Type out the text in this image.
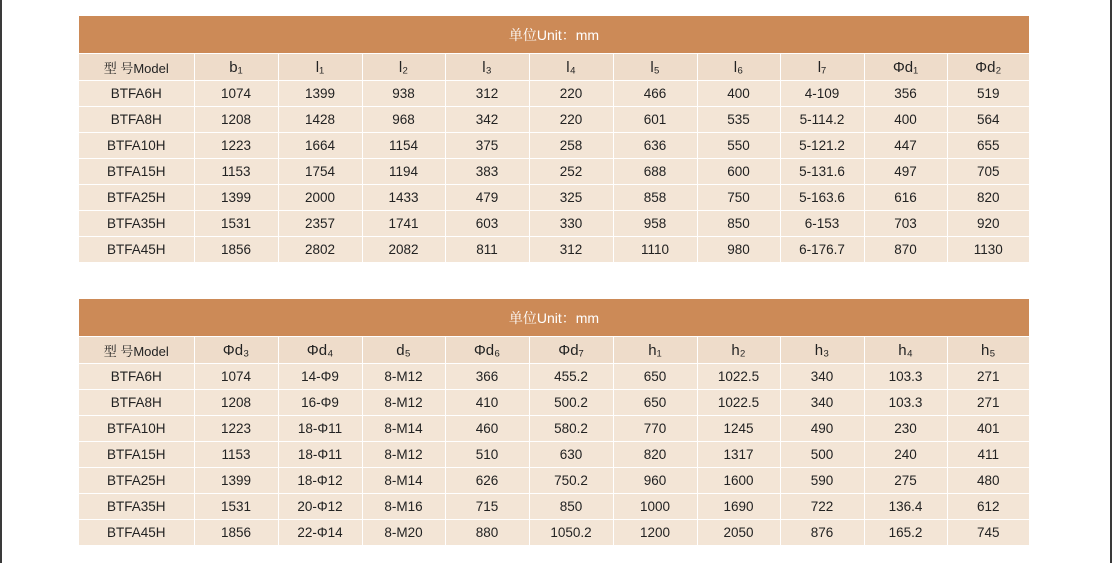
单位Unit：mm										
型 号Model	b₁	l₁	l₂	l₃	l₄	l₅	l₆	l₇	Φd₁	Φd₂
BTFA6H	1074	1399	938	312	220	466	400	4-109	356	519
BTFA8H	1208	1428	968	342	220	601	535	5-114.2	400	564
BTFA10H	1223	1664	1154	375	258	636	550	5-121.2	447	655
BTFA15H	1153	1754	1194	383	252	688	600	5-131.6	497	705
BTFA25H	1399	2000	1433	479	325	858	750	5-163.6	616	820
BTFA35H	1531	2357	1741	603	330	958	850	6-153	703	920
BTFA45H	1856	2802	2082	811	312	1110	980	6-176.7	870	1130
单位Unit：mm										
型 号Model	Φd₃	Φd₄	d₅	Φd₆	Φd₇	h₁	h₂	h₃	h₄	h₅
BTFA6H	1074	14-Φ9	8-M12	366	455.2	650	1022.5	340	103.3	271
BTFA8H	1208	16-Φ9	8-M12	410	500.2	650	1022.5	340	103.3	271
BTFA10H	1223	18-Φ11	8-M14	460	580.2	770	1245	490	230	401
BTFA15H	1153	18-Φ11	8-M12	510	630	820	1317	500	240	411
BTFA25H	1399	18-Φ12	8-M14	626	750.2	960	1600	590	275	480
BTFA35H	1531	20-Φ12	8-M16	715	850	1000	1690	722	136.4	612
BTFA45H	1856	22-Φ14	8-M20	880	1050.2	1200	2050	876	165.2	745
